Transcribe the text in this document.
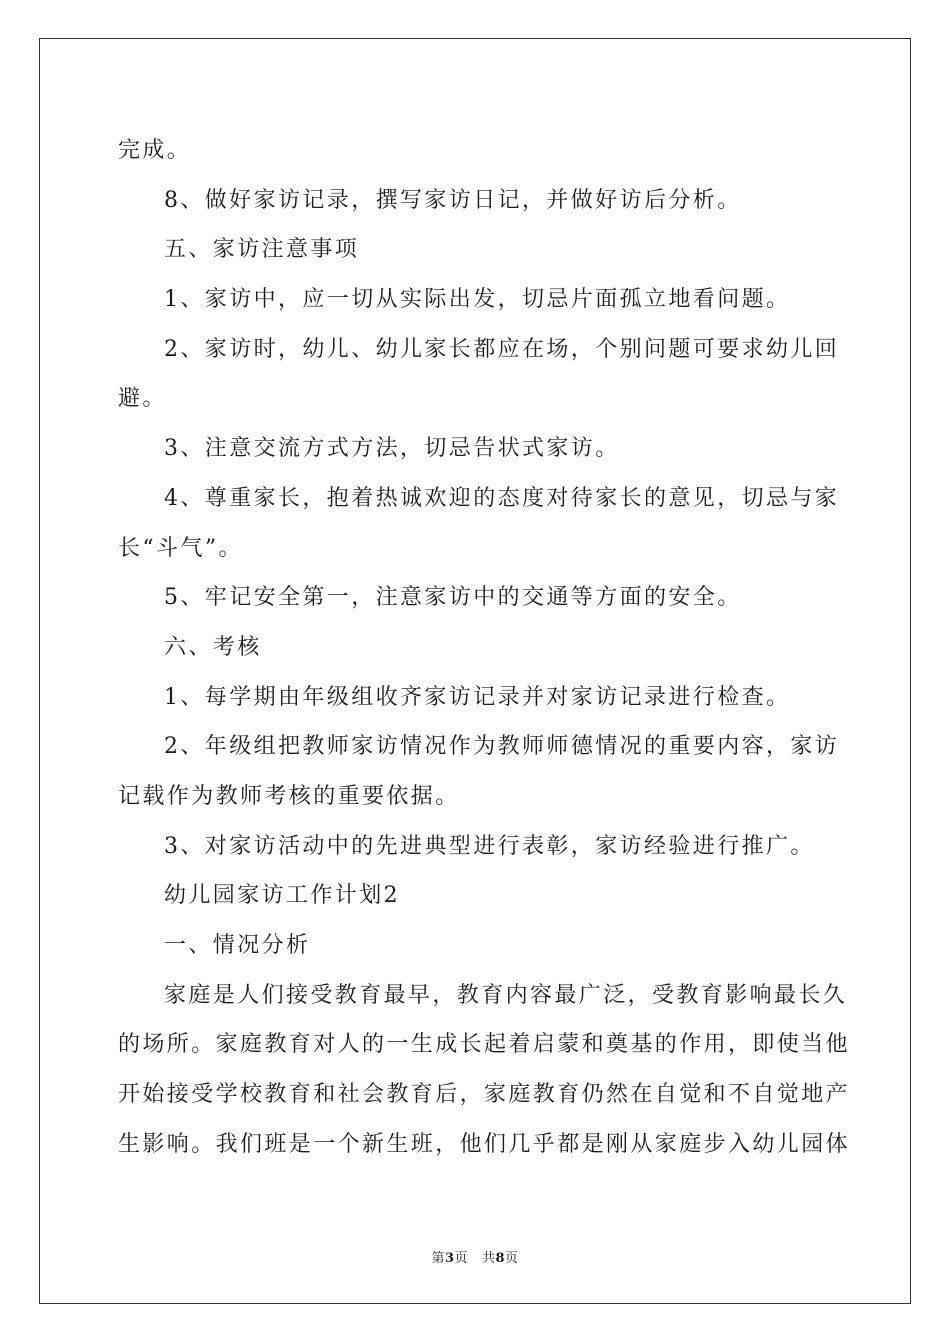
完成。
8、做好家访记录，撰写家访日记，并做好访后分析。
五、家访注意事项
1、家访中，应一切从实际出发，切忌片面孤立地看问题。
2、家访时，幼儿、幼儿家长都应在场，个别问题可要求幼儿回
避。
3、注意交流方式方法，切忌告状式家访。
4、尊重家长，抱着热诚欢迎的态度对待家长的意见，切忌与家
长“斗气”。
5、牢记安全第一，注意家访中的交通等方面的安全。
六、考核
1、每学期由年级组收齐家访记录并对家访记录进行检查。
2、年级组把教师家访情况作为教师师德情况的重要内容，家访
记载作为教师考核的重要依据。
3、对家访活动中的先进典型进行表彰，家访经验进行推广。
幼儿园家访工作计划2
一、情况分析
家庭是人们接受教育最早，教育内容最广泛，受教育影响最长久
的场所。家庭教育对人的一生成长起着启蒙和奠基的作用，即使当他
开始接受学校教育和社会教育后，家庭教育仍然在自觉和不自觉地产
生影响。我们班是一个新生班，他们几乎都是刚从家庭步入幼儿园体
第3页 共8页
